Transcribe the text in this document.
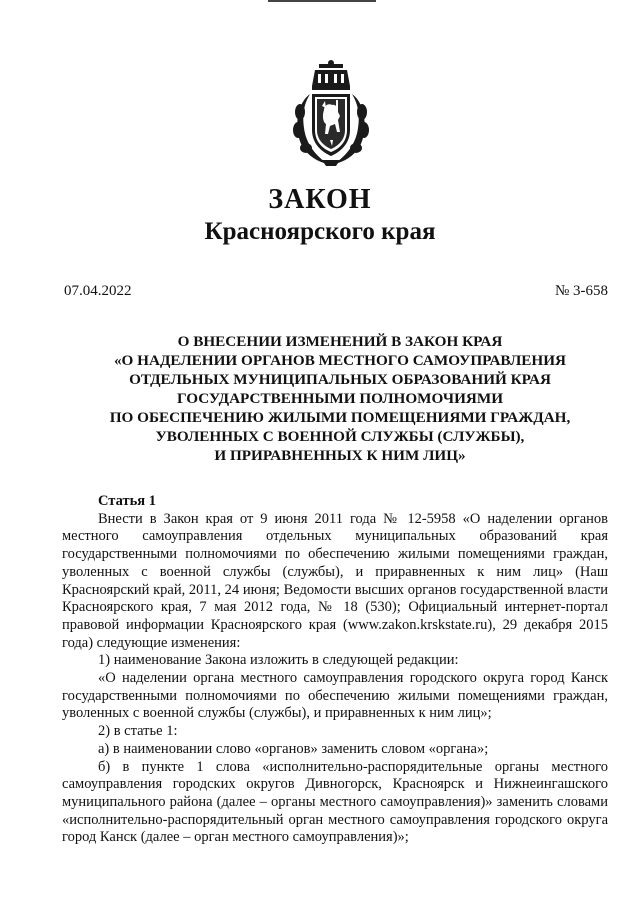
ЗАКОН
Красноярского края
07.04.2022	№ 3-658
О ВНЕСЕНИИ ИЗМЕНЕНИЙ В ЗАКОН КРАЯ
«О НАДЕЛЕНИИ ОРГАНОВ МЕСТНОГО САМОУПРАВЛЕНИЯ
ОТДЕЛЬНЫХ МУНИЦИПАЛЬНЫХ ОБРАЗОВАНИЙ КРАЯ
ГОСУДАРСТВЕННЫМИ ПОЛНОМОЧИЯМИ
ПО ОБЕСПЕЧЕНИЮ ЖИЛЫМИ ПОМЕЩЕНИЯМИ ГРАЖДАН,
УВОЛЕННЫХ С ВОЕННОЙ СЛУЖБЫ (СЛУЖБЫ),
И ПРИРАВНЕННЫХ К НИМ ЛИЦ»

Статья 1

Внести в Закон края от 9 июня 2011 года № 12-5958 «О наделении органов местного самоуправления отдельных муниципальных образований края государственными полномочиями по обеспечению жилыми помещениями граждан, уволенных с военной службы (службы), и приравненных к ним лиц» (Наш Красноярский край, 2011, 24 июня; Ведомости высших органов государственной власти Красноярского края, 7 мая 2012 года, № 18 (530); Официальный интернет-портал правовой информации Красноярского края (www.zakon.krskstate.ru), 29 декабря 2015 года) следующие изменения:

1) наименование Закона изложить в следующей редакции:

«О наделении органа местного самоуправления городского округа город Канск государственными полномочиями по обеспечению жилыми помещениями граждан, уволенных с военной службы (службы), и приравненных к ним лиц»;

2) в статье 1:

а) в наименовании слово «органов» заменить словом «органа»;

б) в пункте 1 слова «исполнительно-распорядительные органы местного самоуправления городских округов Дивногорск, Красноярск и Нижнеингашского муниципального района (далее – органы местного самоуправления)» заменить словами «исполнительно-распорядительный орган местного самоуправления городского округа город Канск (далее – орган местного самоуправления)»;
